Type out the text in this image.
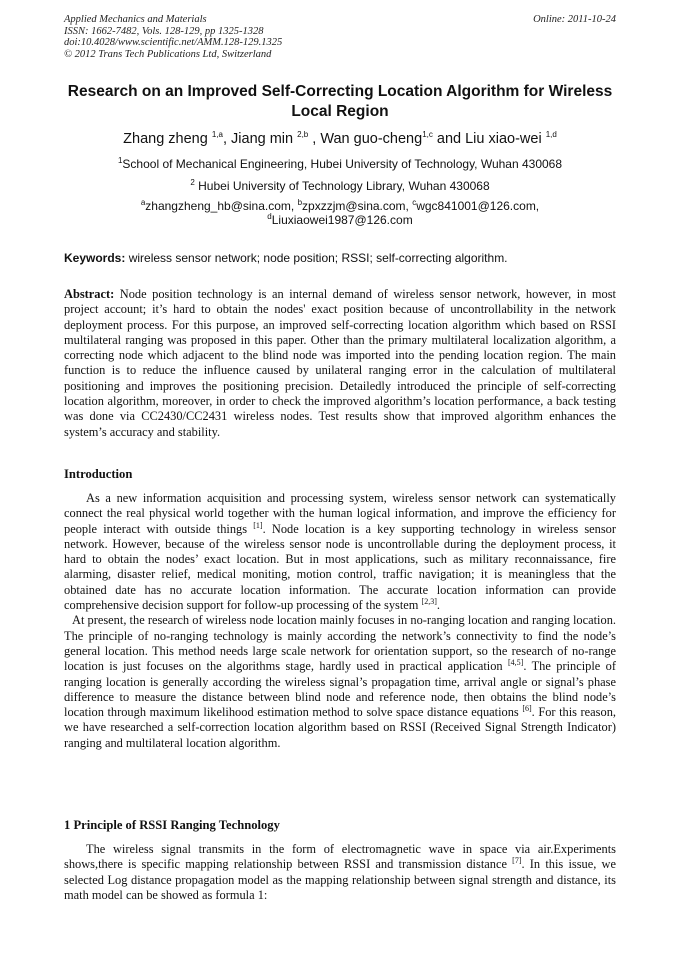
Applied Mechanics and Materials
ISSN: 1662-7482, Vols. 128-129, pp 1325-1328
doi:10.4028/www.scientific.net/AMM.128-129.1325
© 2012 Trans Tech Publications Ltd, Switzerland
Online: 2011-10-24
Research on an Improved Self-Correcting Location Algorithm for Wireless Local Region
Zhang zheng $^{1,a}$, Jiang min $^{2,b}$ , Wan guo-cheng$^{1,c}$ and Liu xiao-wei $^{1,d}$
$^1$School of Mechanical Engineering, Hubei University of Technology, Wuhan 430068
$^2$ Hubei University of Technology Library, Wuhan 430068
$^a$zhangzheng_hb@sina.com, $^b$zpxzzjm@sina.com, $^c$wgc841001@126.com,
$^d$Liuxiaowei1987@126.com
Keywords: wireless sensor network; node position; RSSI; self-correcting algorithm.

Abstract: Node position technology is an internal demand of wireless sensor network, however, in most project account; it’s hard to obtain the nodes' exact position because of uncontrollability in the network deployment process. For this purpose, an improved self-correcting location algorithm which based on RSSI multilateral ranging was proposed in this paper. Other than the primary multilateral localization algorithm, a correcting node which adjacent to the blind node was imported into the pending location region. The main function is to reduce the influence caused by unilateral ranging error in the calculation of multilateral positioning and improves the positioning precision. Detailedly introduced the principle of self-correcting location algorithm, moreover, in order to check the improved algorithm’s location performance, a back testing was done via CC2430/CC2431 wireless nodes. Test results show that improved algorithm enhances the system’s accuracy and stability.

Introduction

As a new information acquisition and processing system, wireless sensor network can systematically connect the real physical world together with the human logical information, and improve the efficiency for people interact with outside things [1]. Node location is a key supporting technology in wireless sensor network. However, because of the wireless sensor node is uncontrollable during the deployment process, it hard to obtain the nodes’ exact location. But in most applications, such as military reconnaissance, fire alarming, disaster relief, medical moniting, motion control, traffic navigation; it is meaningless that the obtained date has no accurate location information. The accurate location information can provide comprehensive decision support for follow-up processing of the system [2,3].

At present, the research of wireless node location mainly focuses in no-ranging location and ranging location. The principle of no-ranging technology is mainly according the network’s connectivity to find the node’s general location. This method needs large scale network for orientation support, so the research of no-range location is just focuses on the algorithms stage, hardly used in practical application [4,5]. The principle of ranging location is generally according the wireless signal’s propagation time, arrival angle or signal’s phase difference to measure the distance between blind node and reference node, then obtains the blind node’s location through maximum likelihood estimation method to solve space distance equations [6]. For this reason, we have researched a self-correction location algorithm based on RSSI (Received Signal Strength Indicator) ranging and multilateral location algorithm.

1 Principle of RSSI Ranging Technology

The wireless signal transmits in the form of electromagnetic wave in space via air.Experiments shows,there is specific mapping relationship between RSSI and transmission distance [7]. In this issue, we selected Log distance propagation model as the mapping relationship between signal strength and distance, its math model can be showed as formula 1:
